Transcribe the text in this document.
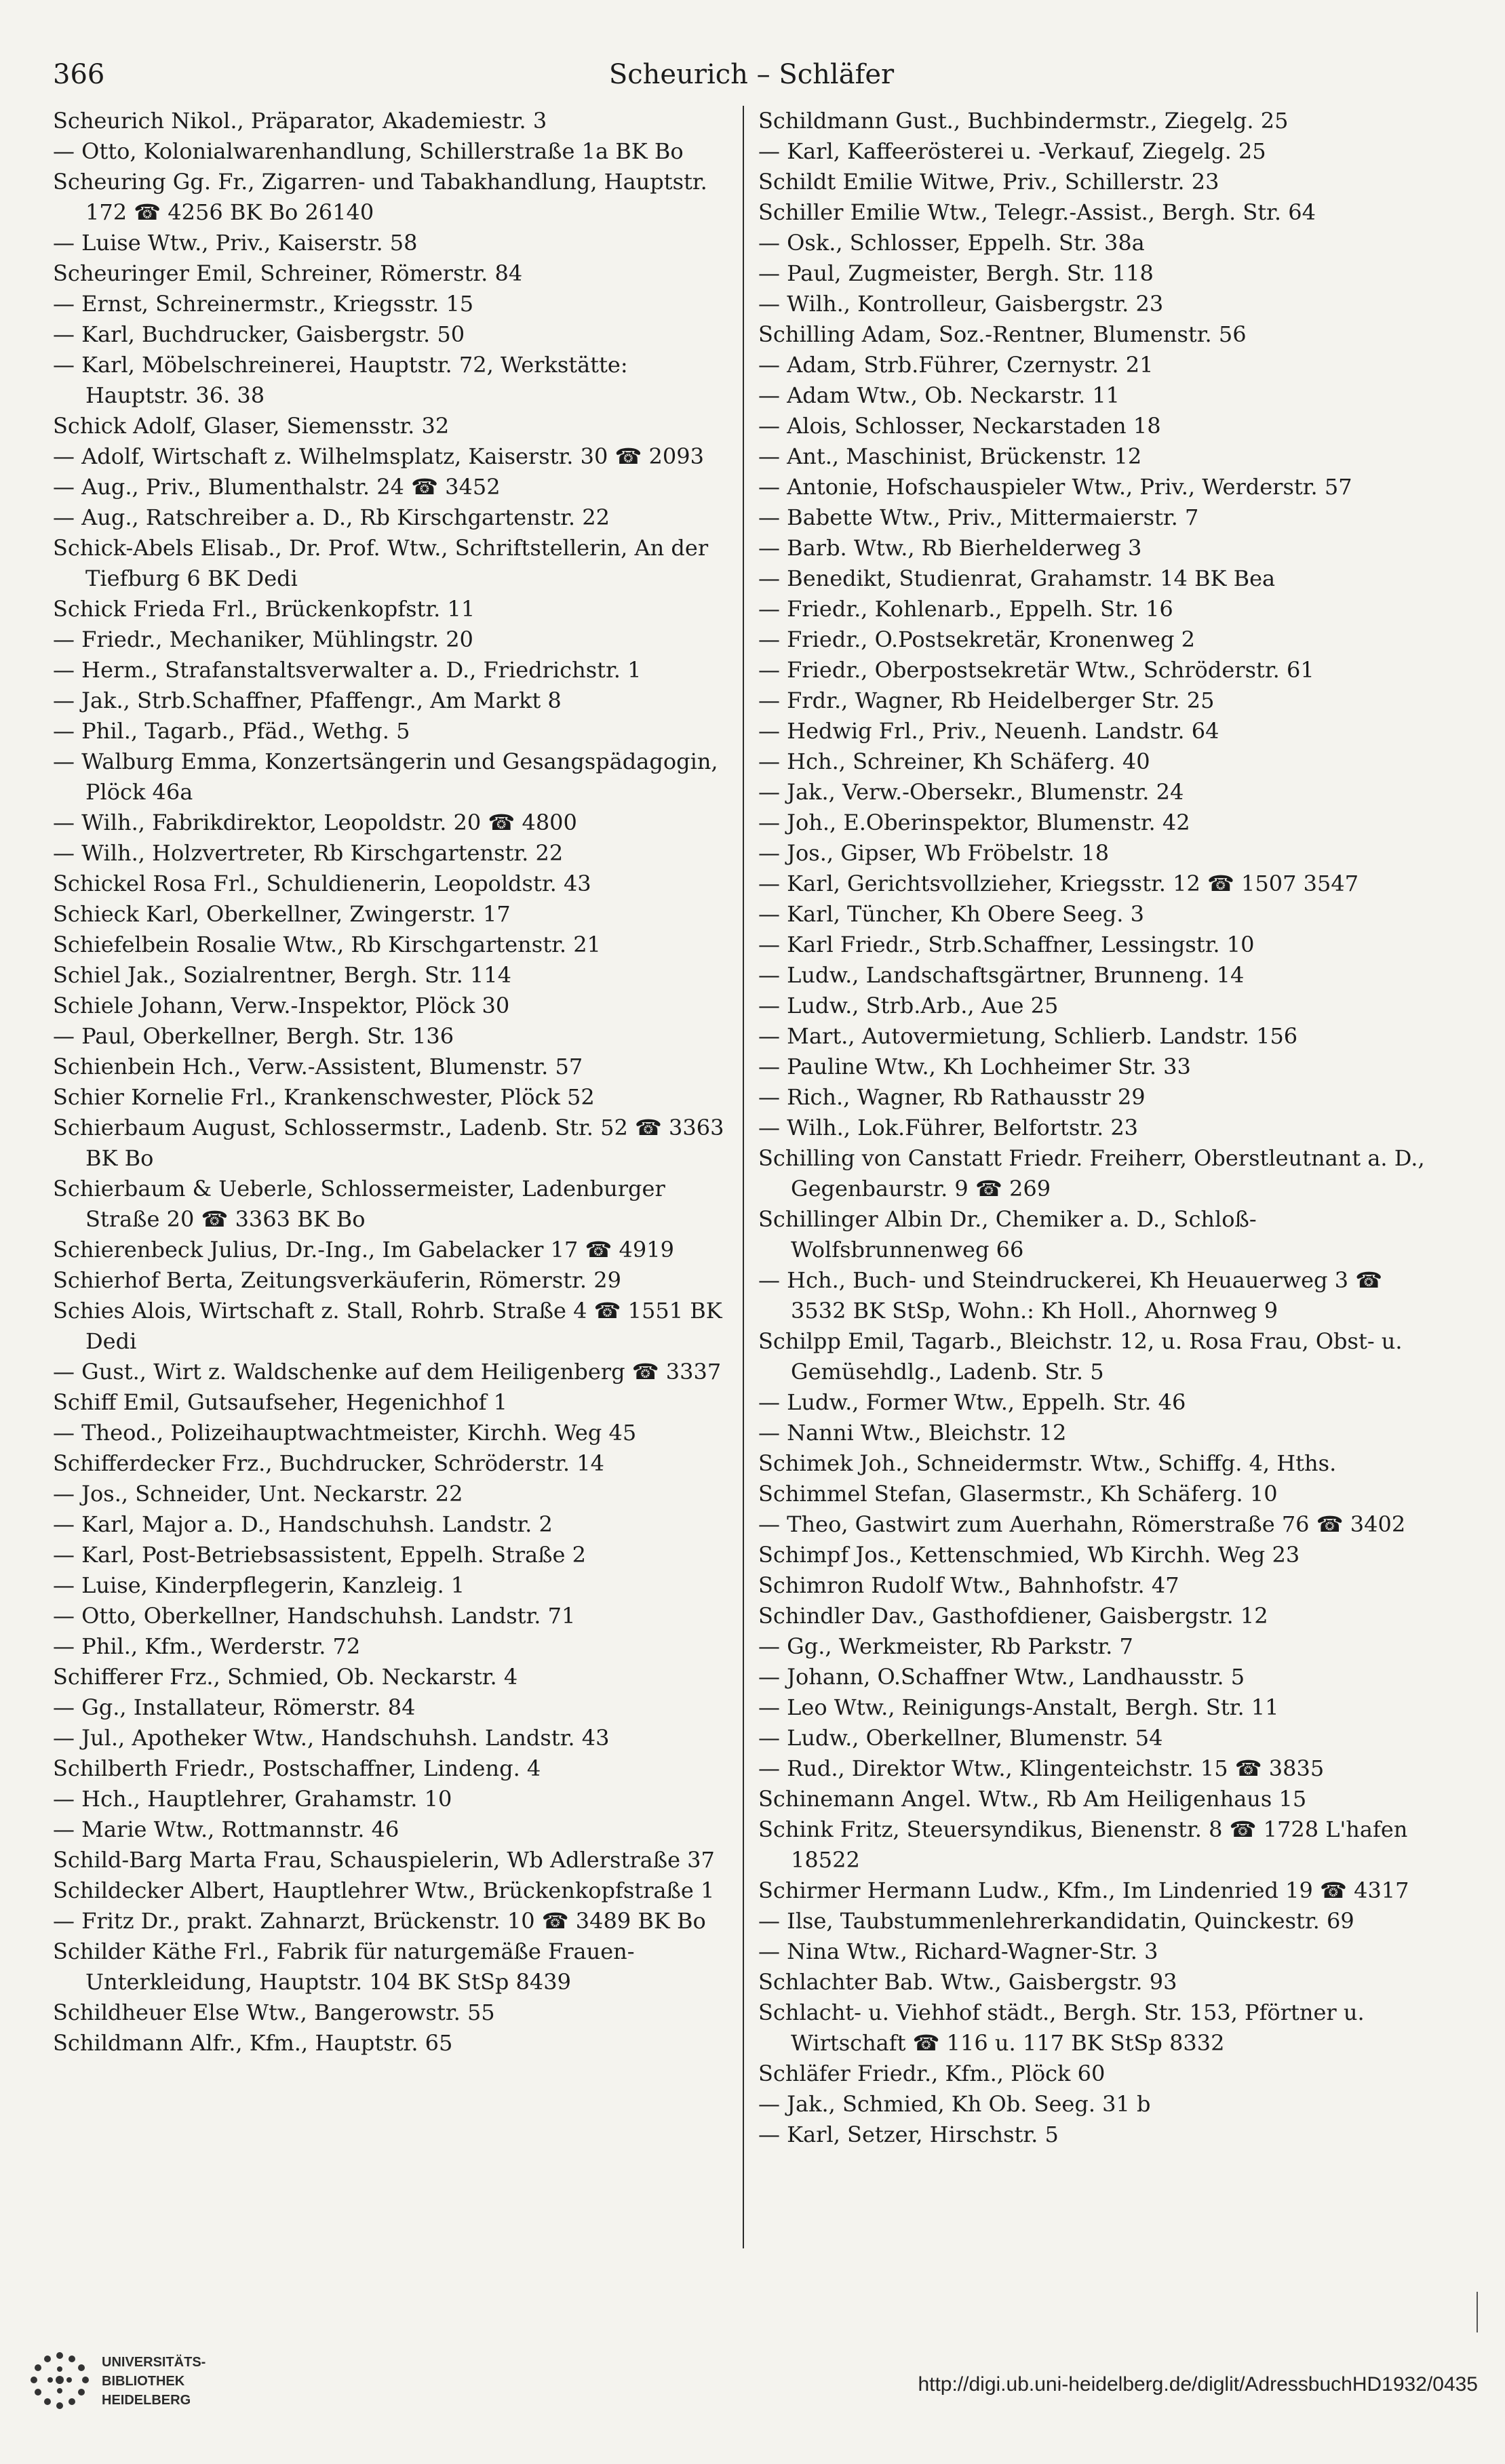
366	Scheurich – Schläfer
Scheurich Nikol., Präparator, Akademiestr. 3
— Otto, Kolonialwarenhandlung, Schillerstraße 1a BK Bo
Scheuring Gg. Fr., Zigarren- und Tabakhandlung, Hauptstr. 172 ☎ 4256 BK Bo 26140
— Luise Wtw., Priv., Kaiserstr. 58
Scheuringer Emil, Schreiner, Römerstr. 84
— Ernst, Schreinermstr., Kriegsstr. 15
— Karl, Buchdrucker, Gaisbergstr. 50
— Karl, Möbelschreinerei, Hauptstr. 72, Werkstätte: Hauptstr. 36. 38
Schick Adolf, Glaser, Siemensstr. 32
— Adolf, Wirtschaft z. Wilhelmsplatz, Kaiserstr. 30 ☎ 2093
— Aug., Priv., Blumenthalstr. 24 ☎ 3452
— Aug., Ratschreiber a. D., Rb Kirschgartenstr. 22
Schick-Abels Elisab., Dr. Prof. Wtw., Schriftstellerin, An der Tiefburg 6 BK Dedi
Schick Frieda Frl., Brückenkopfstr. 11
— Friedr., Mechaniker, Mühlingstr. 20
— Herm., Strafanstaltsverwalter a. D., Friedrichstr. 1
— Jak., Strb.Schaffner, Pfaffengr., Am Markt 8
— Phil., Tagarb., Pfäd., Wethg. 5
— Walburg Emma, Konzertsängerin und Gesangspädagogin, Plöck 46a
— Wilh., Fabrikdirektor, Leopoldstr. 20 ☎ 4800
— Wilh., Holzvertreter, Rb Kirschgartenstr. 22
Schickel Rosa Frl., Schuldienerin, Leopoldstr. 43
Schieck Karl, Oberkellner, Zwingerstr. 17
Schiefelbein Rosalie Wtw., Rb Kirschgartenstr. 21
Schiel Jak., Sozialrentner, Bergh. Str. 114
Schiele Johann, Verw.-Inspektor, Plöck 30
— Paul, Oberkellner, Bergh. Str. 136
Schienbein Hch., Verw.-Assistent, Blumenstr. 57
Schier Kornelie Frl., Krankenschwester, Plöck 52
Schierbaum August, Schlossermstr., Ladenb. Str. 52 ☎ 3363 BK Bo
Schierbaum & Ueberle, Schlossermeister, Ladenburger Straße 20 ☎ 3363 BK Bo
Schierenbeck Julius, Dr.-Ing., Im Gabelacker 17 ☎ 4919
Schierhof Berta, Zeitungsverkäuferin, Römerstr. 29
Schies Alois, Wirtschaft z. Stall, Rohrb. Straße 4 ☎ 1551 BK Dedi
— Gust., Wirt z. Waldschenke auf dem Heiligenberg ☎ 3337
Schiff Emil, Gutsaufseher, Hegenichhof 1
— Theod., Polizeihauptwachtmeister, Kirchh. Weg 45
Schifferdecker Frz., Buchdrucker, Schröderstr. 14
— Jos., Schneider, Unt. Neckarstr. 22
— Karl, Major a. D., Handschuhsh. Landstr. 2
— Karl, Post-Betriebsassistent, Eppelh. Straße 2
— Luise, Kinderpflegerin, Kanzleig. 1
— Otto, Oberkellner, Handschuhsh. Landstr. 71
— Phil., Kfm., Werderstr. 72
Schifferer Frz., Schmied, Ob. Neckarstr. 4
— Gg., Installateur, Römerstr. 84
— Jul., Apotheker Wtw., Handschuhsh. Landstr. 43
Schilberth Friedr., Postschaffner, Lindeng. 4
— Hch., Hauptlehrer, Grahamstr. 10
— Marie Wtw., Rottmannstr. 46
Schild-Barg Marta Frau, Schauspielerin, Wb Adlerstraße 37
Schildecker Albert, Hauptlehrer Wtw., Brückenkopfstraße 1
— Fritz Dr., prakt. Zahnarzt, Brückenstr. 10 ☎ 3489 BK Bo
Schilder Käthe Frl., Fabrik für naturgemäße Frauen-Unterkleidung, Hauptstr. 104 BK StSp 8439
Schildheuer Else Wtw., Bangerowstr. 55
Schildmann Alfr., Kfm., Hauptstr. 65
Schildmann Gust., Buchbindermstr., Ziegelg. 25
— Karl, Kaffeerösterei u. -Verkauf, Ziegelg. 25
Schildt Emilie Witwe, Priv., Schillerstr. 23
Schiller Emilie Wtw., Telegr.-Assist., Bergh. Str. 64
— Osk., Schlosser, Eppelh. Str. 38a
— Paul, Zugmeister, Bergh. Str. 118
— Wilh., Kontrolleur, Gaisbergstr. 23
Schilling Adam, Soz.-Rentner, Blumenstr. 56
— Adam, Strb.Führer, Czernystr. 21
— Adam Wtw., Ob. Neckarstr. 11
— Alois, Schlosser, Neckarstaden 18
— Ant., Maschinist, Brückenstr. 12
— Antonie, Hofschauspieler Wtw., Priv., Werderstr. 57
— Babette Wtw., Priv., Mittermaierstr. 7
— Barb. Wtw., Rb Bierhelderweg 3
— Benedikt, Studienrat, Grahamstr. 14 BK Bea
— Friedr., Kohlenarb., Eppelh. Str. 16
— Friedr., O.Postsekretär, Kronenweg 2
— Friedr., Oberpostsekretär Wtw., Schröderstr. 61
— Frdr., Wagner, Rb Heidelberger Str. 25
— Hedwig Frl., Priv., Neuenh. Landstr. 64
— Hch., Schreiner, Kh Schäferg. 40
— Jak., Verw.-Obersekr., Blumenstr. 24
— Joh., E.Oberinspektor, Blumenstr. 42
— Jos., Gipser, Wb Fröbelstr. 18
— Karl, Gerichtsvollzieher, Kriegsstr. 12 ☎ 1507 3547
— Karl, Tüncher, Kh Obere Seeg. 3
— Karl Friedr., Strb.Schaffner, Lessingstr. 10
— Ludw., Landschaftsgärtner, Brunneng. 14
— Ludw., Strb.Arb., Aue 25
— Mart., Autovermietung, Schlierb. Landstr. 156
— Pauline Wtw., Kh Lochheimer Str. 33
— Rich., Wagner, Rb Rathausstr 29
— Wilh., Lok.Führer, Belfortstr. 23
Schilling von Canstatt Friedr. Freiherr, Oberstleutnant a. D., Gegenbaurstr. 9 ☎ 269
Schillinger Albin Dr., Chemiker a. D., Schloß-Wolfsbrunnenweg 66
— Hch., Buch- und Steindruckerei, Kh Heuauerweg 3 ☎ 3532 BK StSp, Wohn.: Kh Holl., Ahornweg 9
Schilpp Emil, Tagarb., Bleichstr. 12, u. Rosa Frau, Obst- u. Gemüsehdlg., Ladenb. Str. 5
— Ludw., Former Wtw., Eppelh. Str. 46
— Nanni Wtw., Bleichstr. 12
Schimek Joh., Schneidermstr. Wtw., Schiffg. 4, Hths.
Schimmel Stefan, Glasermstr., Kh Schäferg. 10
— Theo, Gastwirt zum Auerhahn, Römerstraße 76 ☎ 3402
Schimpf Jos., Kettenschmied, Wb Kirchh. Weg 23
Schimron Rudolf Wtw., Bahnhofstr. 47
Schindler Dav., Gasthofdiener, Gaisbergstr. 12
— Gg., Werkmeister, Rb Parkstr. 7
— Johann, O.Schaffner Wtw., Landhausstr. 5
— Leo Wtw., Reinigungs-Anstalt, Bergh. Str. 11
— Ludw., Oberkellner, Blumenstr. 54
— Rud., Direktor Wtw., Klingenteichstr. 15 ☎ 3835
Schinemann Angel. Wtw., Rb Am Heiligenhaus 15
Schink Fritz, Steuersyndikus, Bienenstr. 8 ☎ 1728 L'hafen 18522
Schirmer Hermann Ludw., Kfm., Im Lindenried 19 ☎ 4317
— Ilse, Taubstummenlehrerkandidatin, Quinckestr. 69
— Nina Wtw., Richard-Wagner-Str. 3
Schlachter Bab. Wtw., Gaisbergstr. 93
Schlacht- u. Viehhof städt., Bergh. Str. 153, Pförtner u. Wirtschaft ☎ 116 u. 117 BK StSp 8332
Schläfer Friedr., Kfm., Plöck 60
— Jak., Schmied, Kh Ob. Seeg. 31 b
— Karl, Setzer, Hirschstr. 5
UNIVERSITÄTS-
BIBLIOTHEK
HEIDELBERG
http://digi.ub.uni-heidelberg.de/diglit/AdressbuchHD1932/0435
